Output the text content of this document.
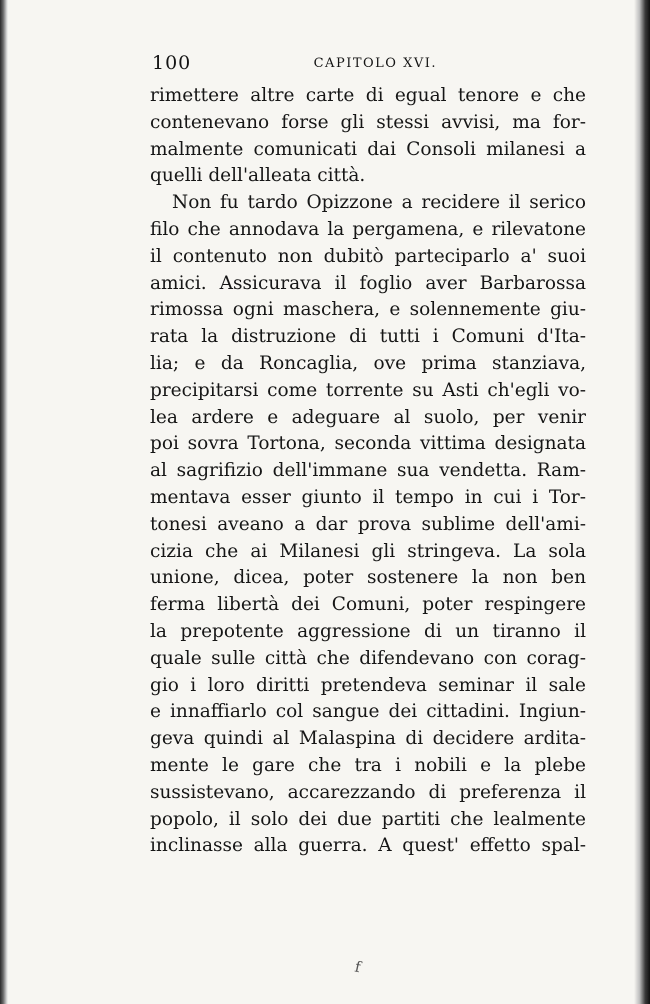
100	CAPITOLO XVI.
rimettere altre carte di egual tenore e che
contenevano forse gli stessi avvisi, ma for-
malmente comunicati dai Consoli milanesi a
quelli dell'alleata città.
Non fu tardo Opizzone a recidere il serico
filo che annodava la pergamena, e rilevatone
il contenuto non dubitò parteciparlo a' suoi
amici. Assicurava il foglio aver Barbarossa
rimossa ogni maschera, e solennemente giu-
rata la distruzione di tutti i Comuni d'Ita-
lia; e da Roncaglia, ove prima stanziava,
precipitarsi come torrente su Asti ch'egli vo-
lea ardere e adeguare al suolo, per venir
poi sovra Tortona, seconda vittima designata
al sagrifizio dell'immane sua vendetta. Ram-
mentava esser giunto il tempo in cui i Tor-
tonesi aveano a dar prova sublime dell'ami-
cizia che ai Milanesi gli stringeva. La sola
unione, dicea, poter sostenere la non ben
ferma libertà dei Comuni, poter respingere
la prepotente aggressione di un tiranno il
quale sulle città che difendevano con corag-
gio i loro diritti pretendeva seminar il sale
e innaffiarlo col sangue dei cittadini. Ingiun-
geva quindi al Malaspina di decidere ardita-
mente le gare che tra i nobili e la plebe
sussistevano, accarezzando di preferenza il
popolo, il solo dei due partiti che lealmente
inclinasse alla guerra. A quest' effetto spal-
f
